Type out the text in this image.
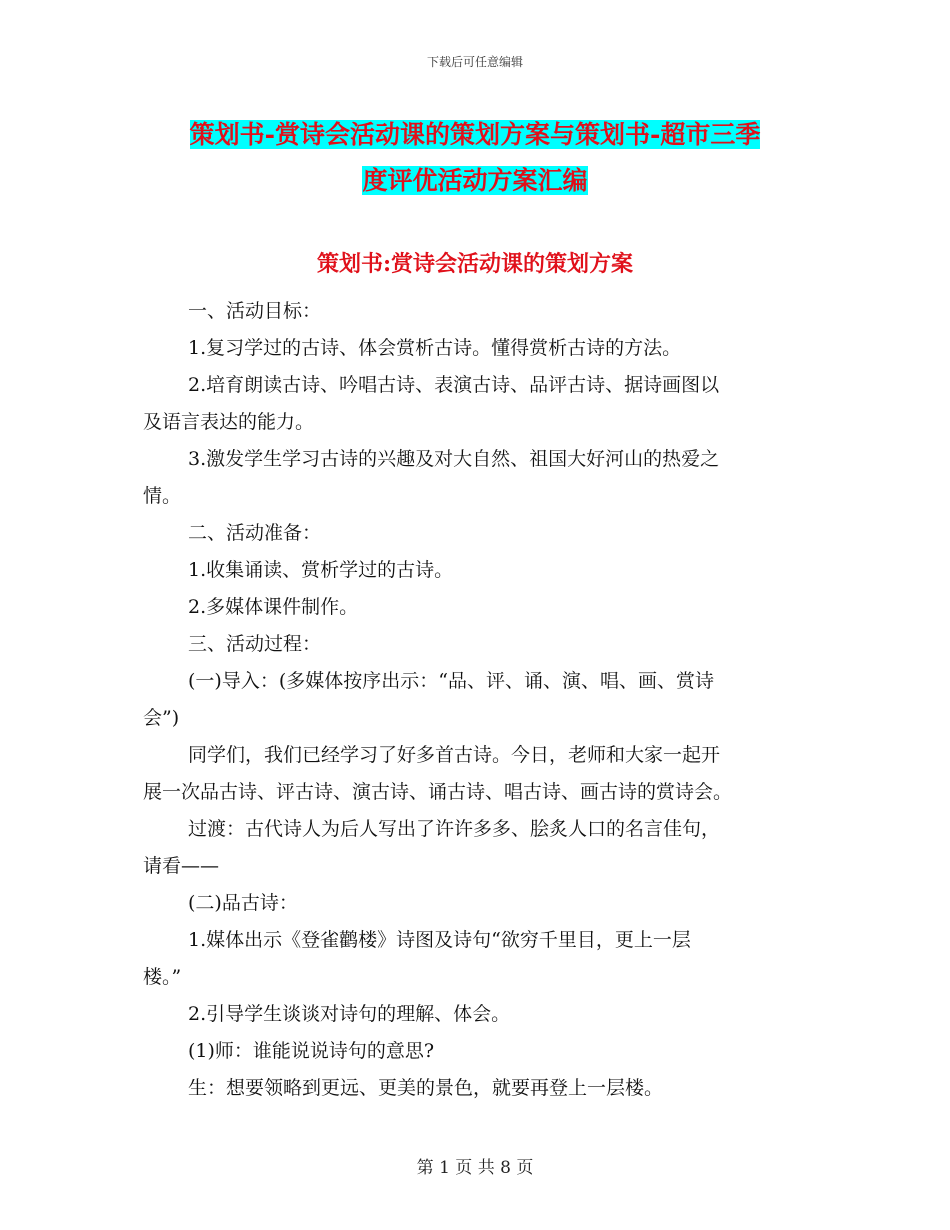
下载后可任意编辑
策划书-赏诗会活动课的策划方案与策划书-超市三季
度评优活动方案汇编
策划书:赏诗会活动课的策划方案

一、活动目标：

1.复习学过的古诗、体会赏析古诗。懂得赏析古诗的方法。

2.培育朗读古诗、吟唱古诗、表演古诗、品评古诗、据诗画图以

及语言表达的能力。

3.激发学生学习古诗的兴趣及对大自然、祖国大好河山的热爱之

情。

二、活动准备：

1.收集诵读、赏析学过的古诗。

2.多媒体课件制作。

三、活动过程：

(一)导入：(多媒体按序出示：“品、评、诵、演、唱、画、赏诗

会”)

同学们，我们已经学习了好多首古诗。今日，老师和大家一起开

展一次品古诗、评古诗、演古诗、诵古诗、唱古诗、画古诗的赏诗会。

过渡：古代诗人为后人写出了许许多多、脍炙人口的名言佳句，

请看——

(二)品古诗：

1.媒体出示《登雀鹳楼》诗图及诗句“欲穷千里目，更上一层

楼。”

2.引导学生谈谈对诗句的理解、体会。

(1)师：谁能说说诗句的意思?

生：想要领略到更远、更美的景色，就要再登上一层楼。

第 1 页 共 8 页
